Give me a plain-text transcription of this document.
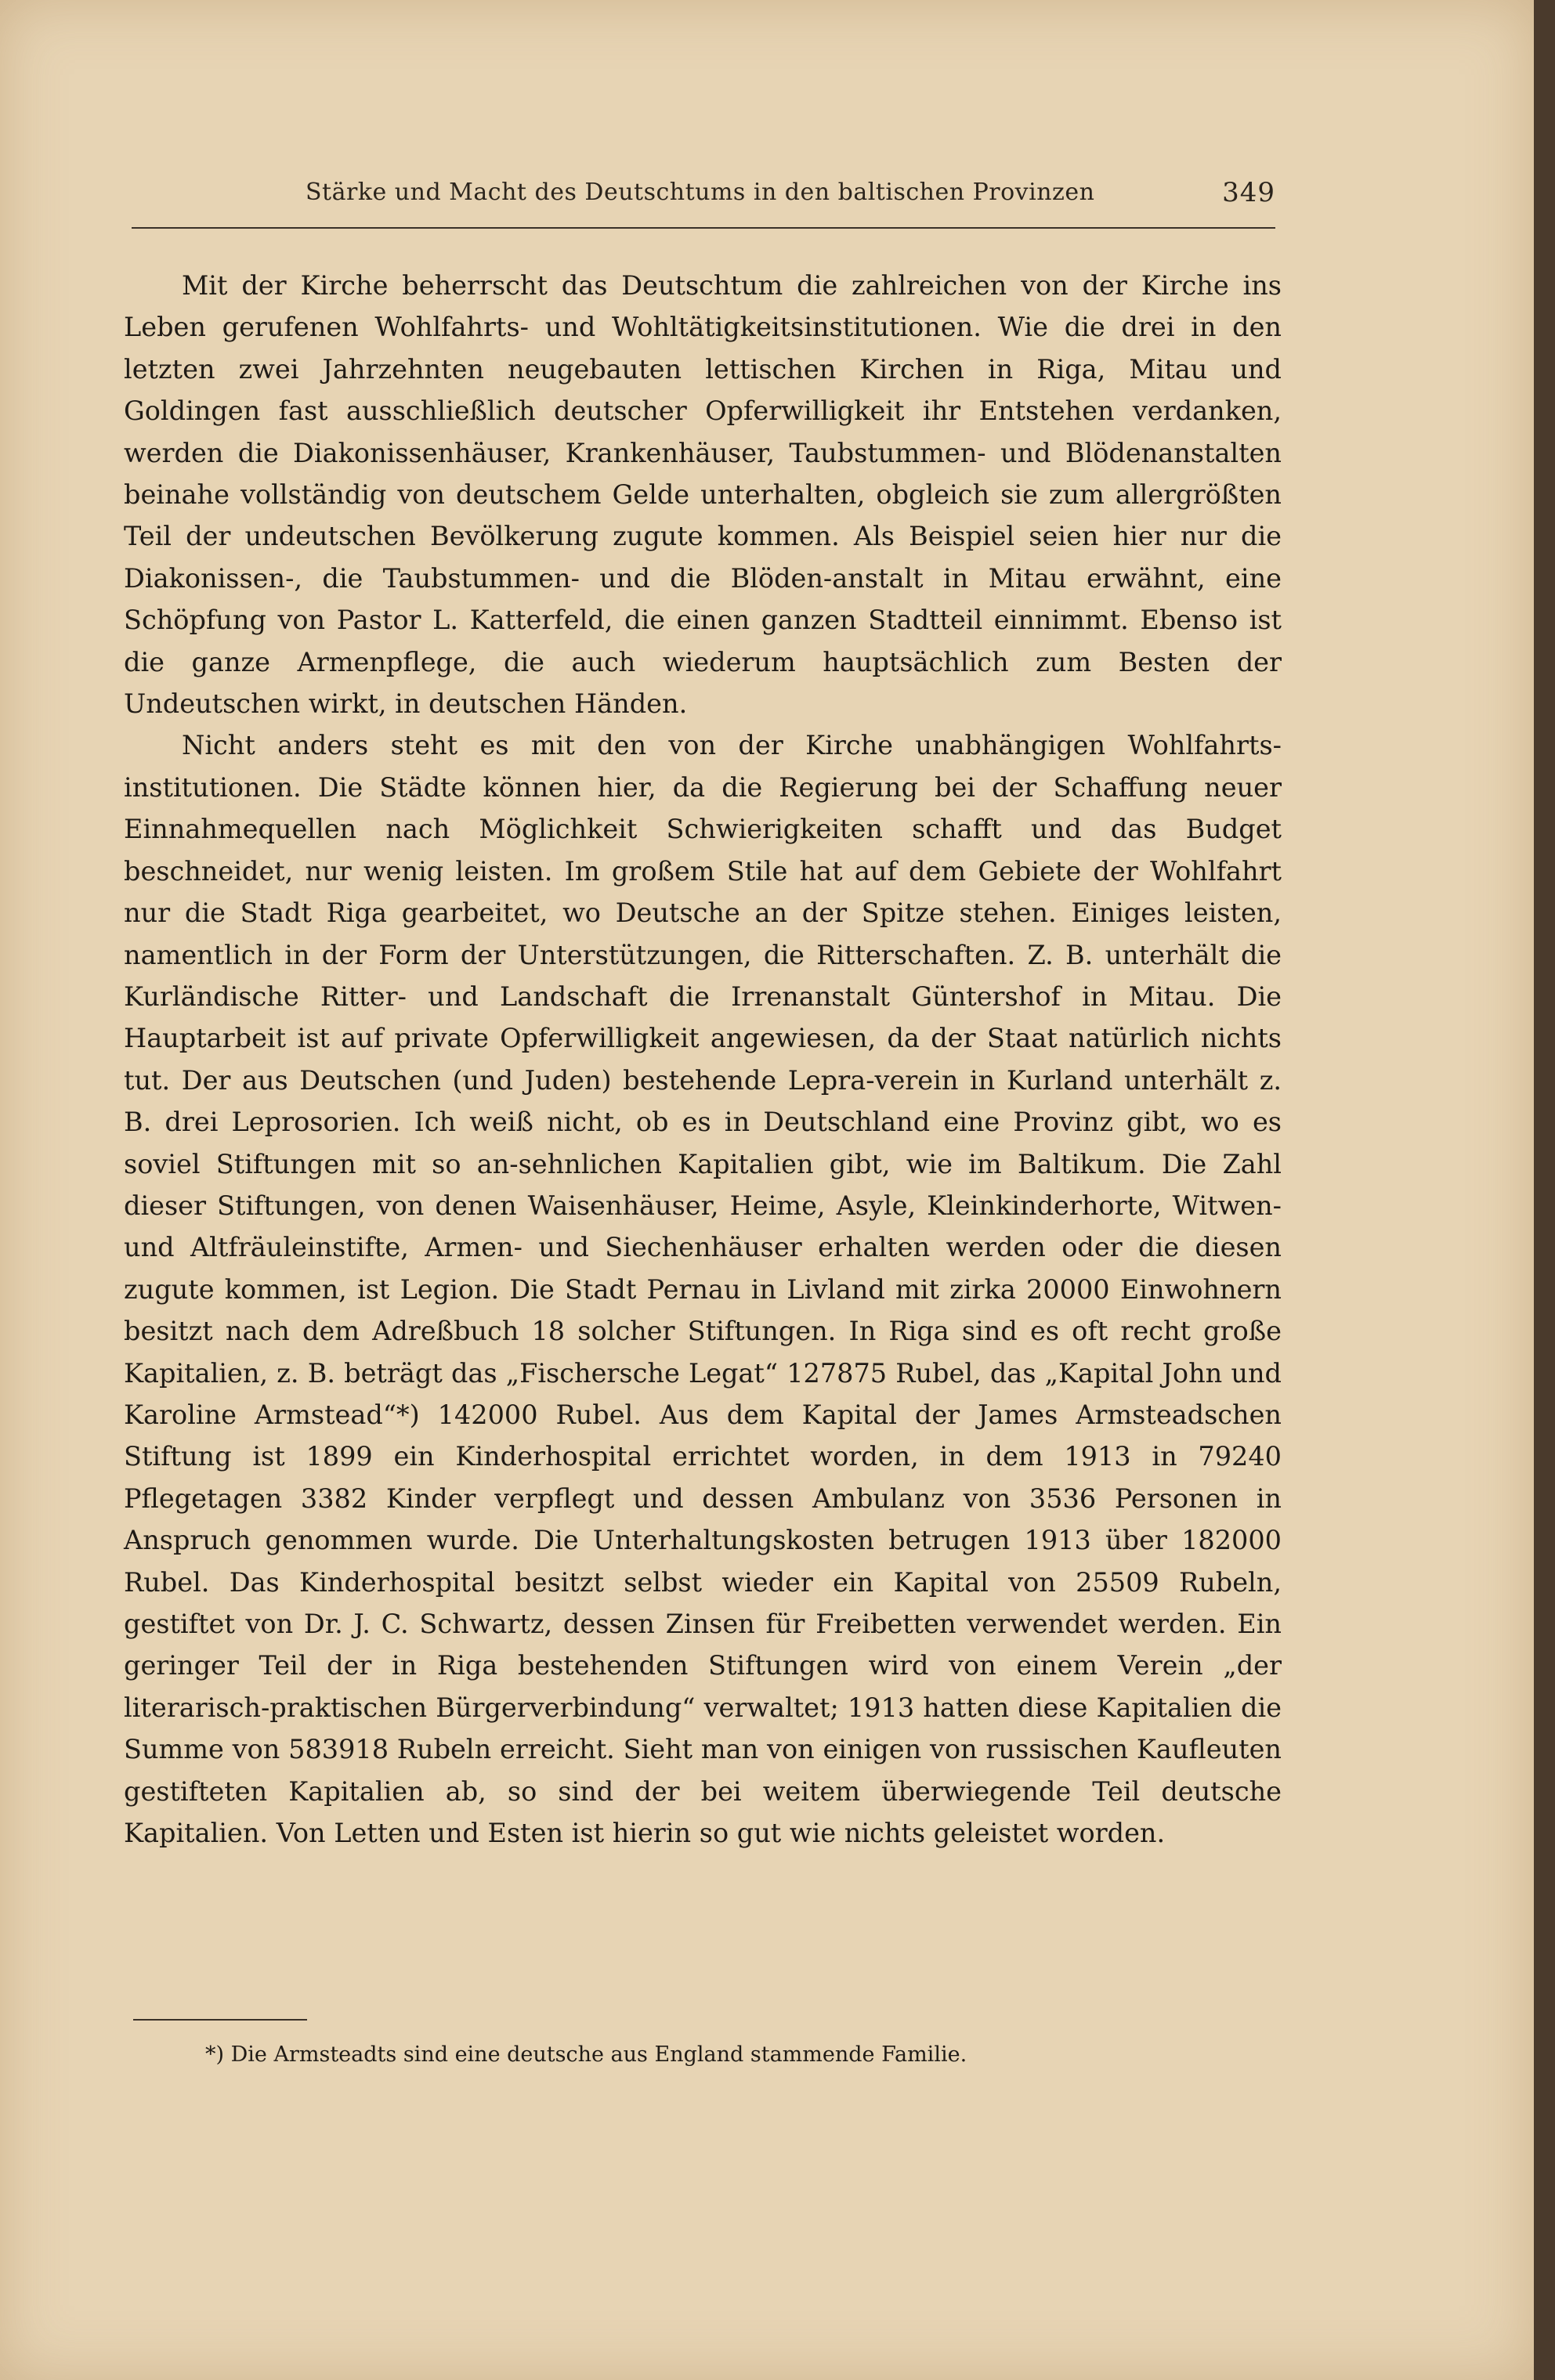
Stärke und Macht des Deutschtums in den baltischen Provinzen	349

Mit der Kirche beherrscht das Deutschtum die zahlreichen von der Kirche ins Leben gerufenen Wohlfahrts- und Wohltätigkeitsinstitutionen. Wie die drei in den letzten zwei Jahrzehnten neugebauten lettischen Kirchen in Riga, Mitau und Goldingen fast ausschließlich deutscher Opferwilligkeit ihr Entstehen verdanken, werden die Diakonissenhäuser, Krankenhäuser, Taubstummen- und Blödenanstalten beinahe vollständig von deutschem Gelde unterhalten, obgleich sie zum allergrößten Teil der undeutschen Bevölkerung zugute kommen. Als Beispiel seien hier nur die Diakonissen-, die Taubstummen- und die Blöden-anstalt in Mitau erwähnt, eine Schöpfung von Pastor L. Katterfeld, die einen ganzen Stadtteil einnimmt. Ebenso ist die ganze Armenpflege, die auch wiederum hauptsächlich zum Besten der Undeutschen wirkt, in deutschen Händen.

Nicht anders steht es mit den von der Kirche unabhängigen Wohlfahrts-institutionen. Die Städte können hier, da die Regierung bei der Schaffung neuer Einnahmequellen nach Möglichkeit Schwierigkeiten schafft und das Budget beschneidet, nur wenig leisten. Im großem Stile hat auf dem Gebiete der Wohlfahrt nur die Stadt Riga gearbeitet, wo Deutsche an der Spitze stehen. Einiges leisten, namentlich in der Form der Unterstützungen, die Ritterschaften. Z. B. unterhält die Kurländische Ritter- und Landschaft die Irrenanstalt Güntershof in Mitau. Die Hauptarbeit ist auf private Opferwilligkeit angewiesen, da der Staat natürlich nichts tut. Der aus Deutschen (und Juden) bestehende Lepra-verein in Kurland unterhält z. B. drei Leprosorien. Ich weiß nicht, ob es in Deutschland eine Provinz gibt, wo es soviel Stiftungen mit so an-sehnlichen Kapitalien gibt, wie im Baltikum. Die Zahl dieser Stiftungen, von denen Waisenhäuser, Heime, Asyle, Kleinkinderhorte, Witwen- und Altfräuleinstifte, Armen- und Siechenhäuser erhalten werden oder die diesen zugute kommen, ist Legion. Die Stadt Pernau in Livland mit zirka 20000 Einwohnern besitzt nach dem Adreßbuch 18 solcher Stiftungen. In Riga sind es oft recht große Kapitalien, z. B. beträgt das „Fischersche Legat“ 127875 Rubel, das „Kapital John und Karoline Armstead“*) 142000 Rubel. Aus dem Kapital der James Armsteadschen Stiftung ist 1899 ein Kinderhospital errichtet worden, in dem 1913 in 79240 Pflegetagen 3382 Kinder verpflegt und dessen Ambulanz von 3536 Personen in Anspruch genommen wurde. Die Unterhaltungskosten betrugen 1913 über 182000 Rubel. Das Kinderhospital besitzt selbst wieder ein Kapital von 25509 Rubeln, gestiftet von Dr. J. C. Schwartz, dessen Zinsen für Freibetten verwendet werden. Ein geringer Teil der in Riga bestehenden Stiftungen wird von einem Verein „der literarisch-praktischen Bürgerverbindung“ verwaltet; 1913 hatten diese Kapitalien die Summe von 583918 Rubeln erreicht. Sieht man von einigen von russischen Kaufleuten gestifteten Kapitalien ab, so sind der bei weitem überwiegende Teil deutsche Kapitalien. Von Letten und Esten ist hierin so gut wie nichts geleistet worden.

*) Die Armsteadts sind eine deutsche aus England stammende Familie.
